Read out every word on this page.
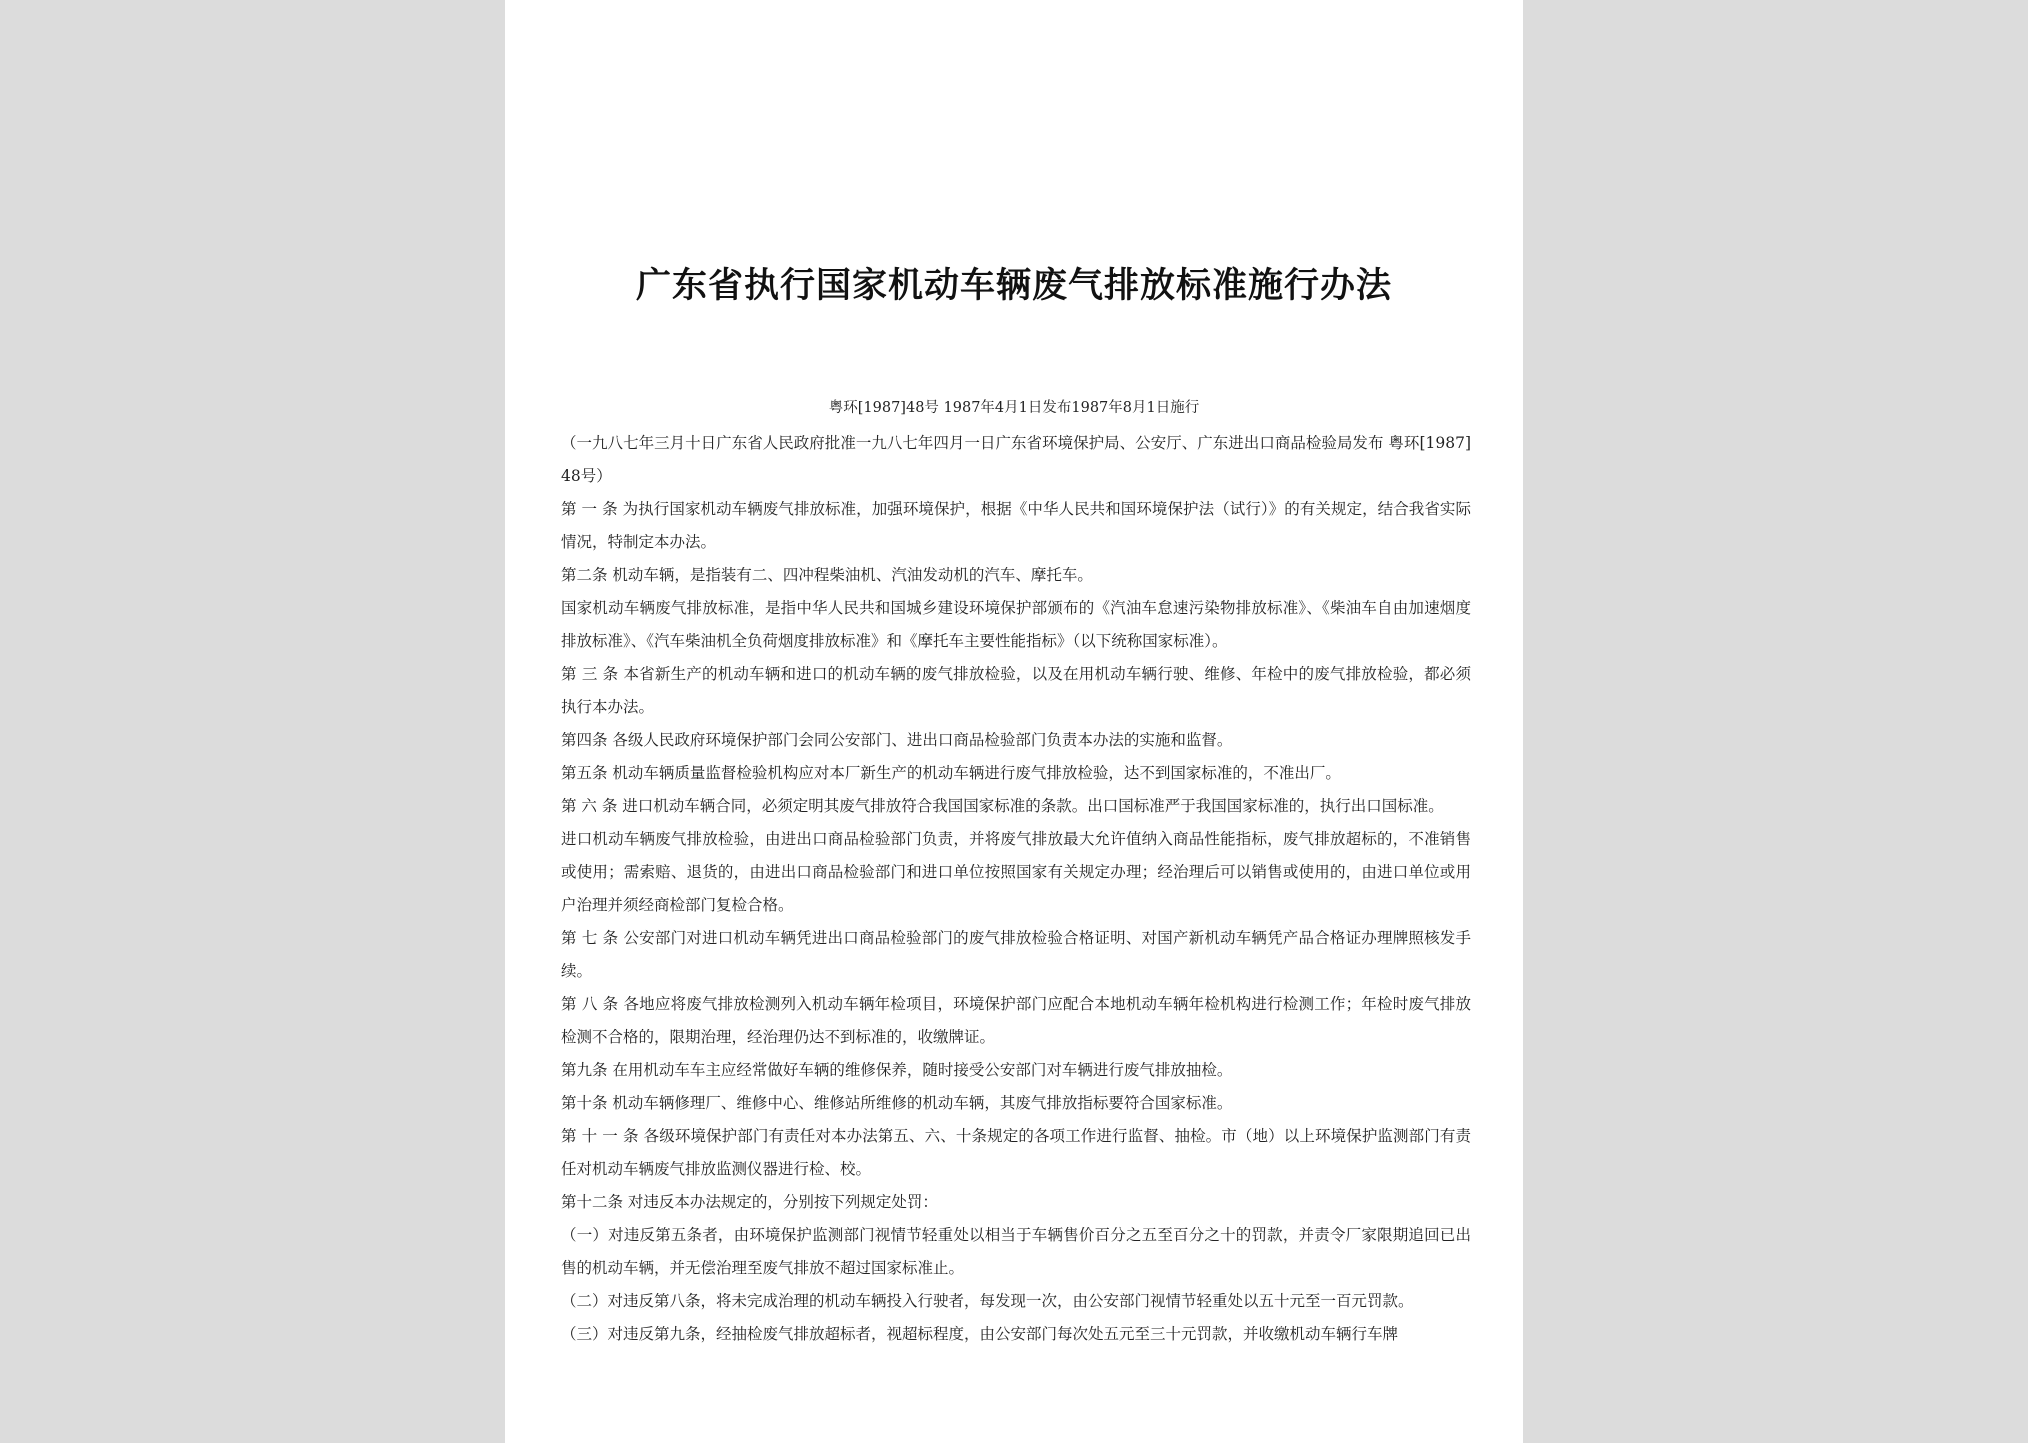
广东省执行国家机动车辆废气排放标准施行办法
粤环[1987]48号 1987年4月1日发布1987年8月1日施行

（一九八七年三月十日广东省人民政府批准一九八七年四月一日广东省环境保护局、公安厅、广东进出口商品检验局发布 粤环[1987]48号）

第 一 条 为执行国家机动车辆废气排放标准，加强环境保护，根据《中华人民共和国环境保护法（试行）》的有关规定，结合我省实际情况，特制定本办法。

第二条 机动车辆，是指装有二、四冲程柴油机、汽油发动机的汽车、摩托车。

国家机动车辆废气排放标准，是指中华人民共和国城乡建设环境保护部颁布的《汽油车怠速污染物排放标准》、《柴油车自由加速烟度排放标准》、《汽车柴油机全负荷烟度排放标准》和《摩托车主要性能指标》（以下统称国家标准）。

第 三 条 本省新生产的机动车辆和进口的机动车辆的废气排放检验，以及在用机动车辆行驶、维修、年检中的废气排放检验，都必须执行本办法。

第四条 各级人民政府环境保护部门会同公安部门、进出口商品检验部门负责本办法的实施和监督。

第五条 机动车辆质量监督检验机构应对本厂新生产的机动车辆进行废气排放检验，达不到国家标准的，不准出厂。

第 六 条 进口机动车辆合同，必须定明其废气排放符合我国国家标准的条款。出口国标准严于我国国家标准的，执行出口国标准。

进口机动车辆废气排放检验，由进出口商品检验部门负责，并将废气排放最大允许值纳入商品性能指标，废气排放超标的，不准销售或使用；需索赔、退货的，由进出口商品检验部门和进口单位按照国家有关规定办理；经治理后可以销售或使用的，由进口单位或用户治理并须经商检部门复检合格。

第 七 条 公安部门对进口机动车辆凭进出口商品检验部门的废气排放检验合格证明、对国产新机动车辆凭产品合格证办理牌照核发手续。

第 八 条 各地应将废气排放检测列入机动车辆年检项目，环境保护部门应配合本地机动车辆年检机构进行检测工作；年检时废气排放检测不合格的，限期治理，经治理仍达不到标准的，收缴牌证。

第九条 在用机动车车主应经常做好车辆的维修保养，随时接受公安部门对车辆进行废气排放抽检。

第十条 机动车辆修理厂、维修中心、维修站所维修的机动车辆，其废气排放指标要符合国家标准。

第 十 一 条 各级环境保护部门有责任对本办法第五、六、十条规定的各项工作进行监督、抽检。市（地）以上环境保护监测部门有责任对机动车辆废气排放监测仪器进行检、校。

第十二条 对违反本办法规定的，分别按下列规定处罚：

（一）对违反第五条者，由环境保护监测部门视情节轻重处以相当于车辆售价百分之五至百分之十的罚款，并责令厂家限期追回已出售的机动车辆，并无偿治理至废气排放不超过国家标准止。

（二）对违反第八条，将未完成治理的机动车辆投入行驶者，每发现一次，由公安部门视情节轻重处以五十元至一百元罚款。

（三）对违反第九条，经抽检废气排放超标者，视超标程度，由公安部门每次处五元至三十元罚款，并收缴机动车辆行车牌
